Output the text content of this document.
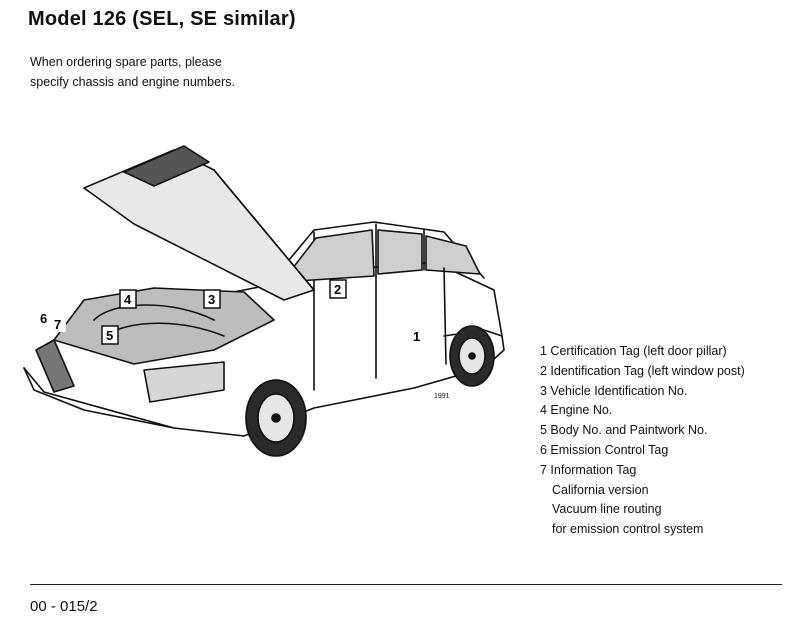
Model 126 (SEL, SE similar)
When ordering spare parts, please
specify chassis and engine numbers.
1
2
3
4
5
6 7
1991
1 Certification Tag (left door pillar)
2 Identification Tag (left window post)
3 Vehicle Identification No.
4 Engine No.
5 Body No. and Paintwork No.
6 Emission Control Tag
7 Information Tag
California version
Vacuum line routing
for emission control system
00 - 015/2
